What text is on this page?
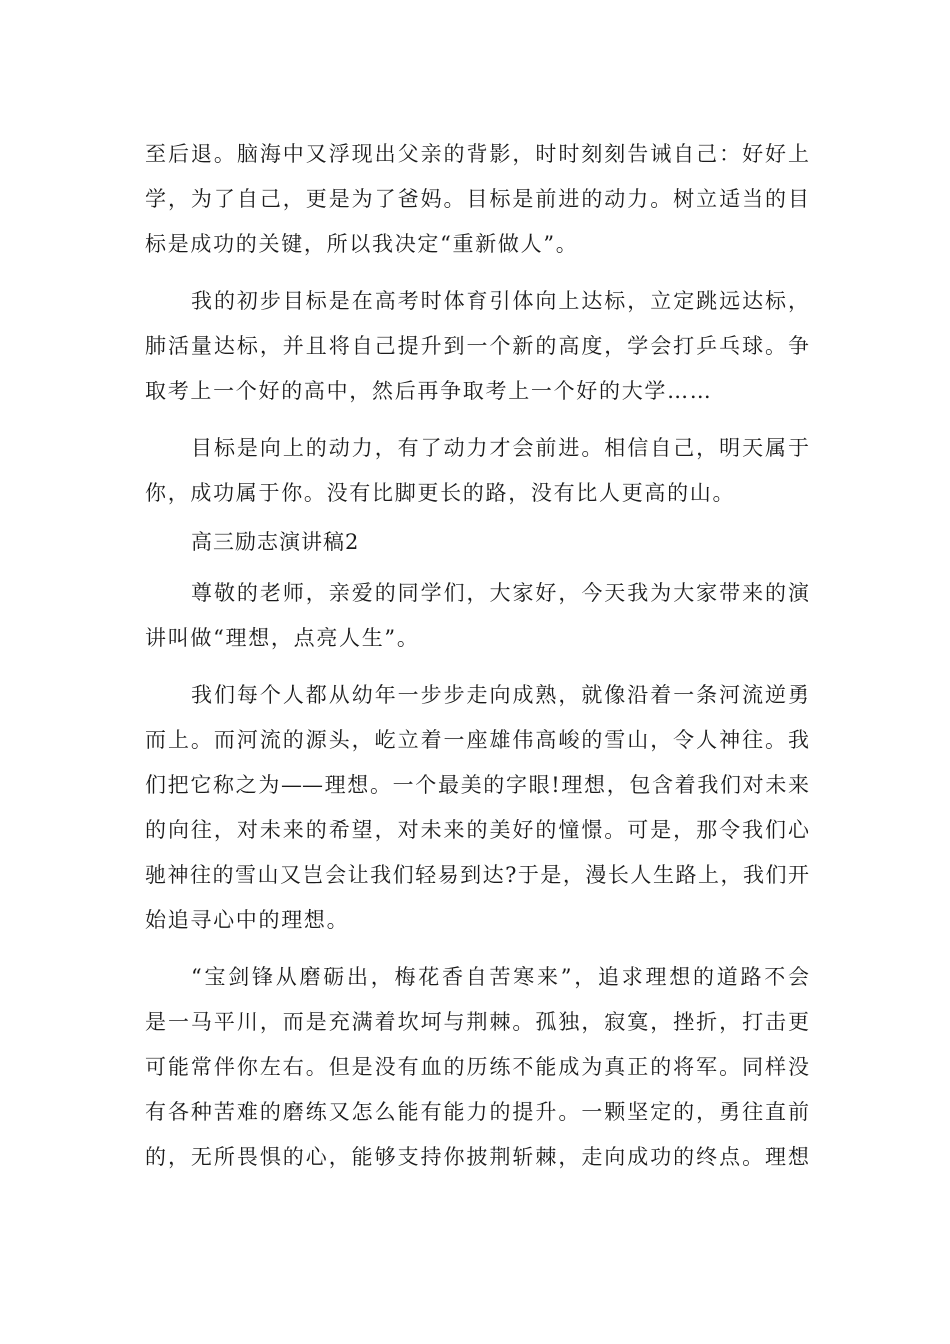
至后退。脑海中又浮现出父亲的背影，时时刻刻告诫自己：好好上
学，为了自己，更是为了爸妈。目标是前进的动力。树立适当的目
标是成功的关键，所以我决定“重新做人”。
我的初步目标是在高考时体育引体向上达标，立定跳远达标，
肺活量达标，并且将自己提升到一个新的高度，学会打乒乓球。争
取考上一个好的高中，然后再争取考上一个好的大学……
目标是向上的动力，有了动力才会前进。相信自己，明天属于
你，成功属于你。没有比脚更长的路，没有比人更高的山。
高三励志演讲稿2
尊敬的老师，亲爱的同学们，大家好，今天我为大家带来的演
讲叫做“理想，点亮人生”。
我们每个人都从幼年一步步走向成熟，就像沿着一条河流逆勇
而上。而河流的源头，屹立着一座雄伟高峻的雪山，令人神往。我
们把它称之为——理想。一个最美的字眼!理想，包含着我们对未来
的向往，对未来的希望，对未来的美好的憧憬。可是，那令我们心
驰神往的雪山又岂会让我们轻易到达?于是，漫长人生路上，我们开
始追寻心中的理想。
“宝剑锋从磨砺出，梅花香自苦寒来”，追求理想的道路不会
是一马平川，而是充满着坎坷与荆棘。孤独，寂寞，挫折，打击更
可能常伴你左右。但是没有血的历练不能成为真正的将军。同样没
有各种苦难的磨练又怎么能有能力的提升。一颗坚定的，勇往直前
的，无所畏惧的心，能够支持你披荆斩棘，走向成功的终点。理想
